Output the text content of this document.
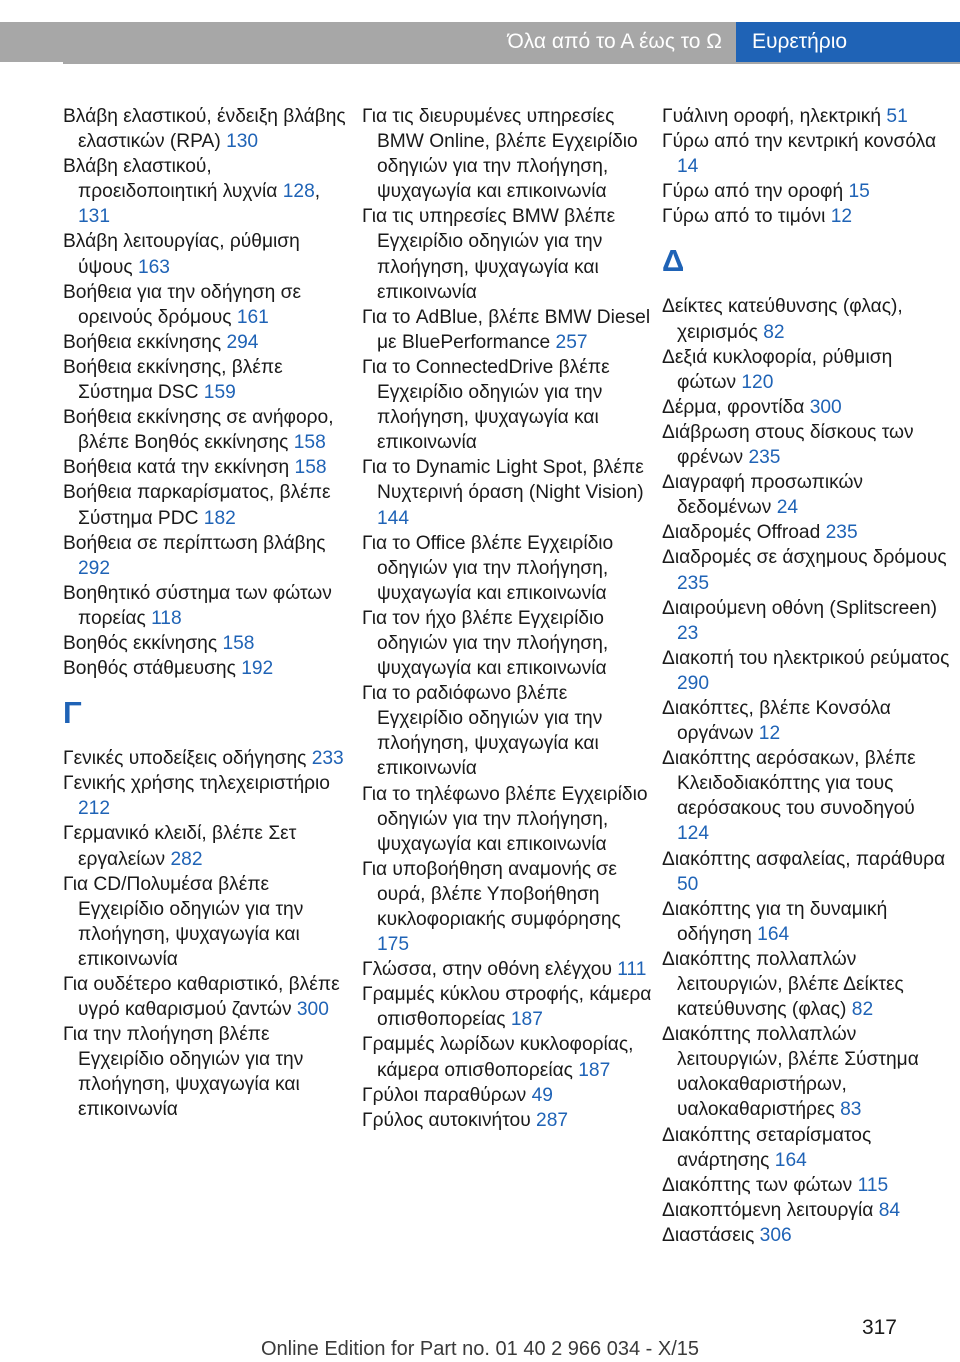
Όλα από το Α έως το Ω	Ευρετήριο
Βλάβη ελαστικού, ένδειξη βλάβης ελαστικών (RPA) 130
Βλάβη ελαστικού, προειδοποιητική λυχνία 128, 131
Βλάβη λειτουργίας, ρύθμιση ύψους 163
Βοήθεια για την οδήγηση σε ορεινούς δρόμους 161
Βοήθεια εκκίνησης 294
Βοήθεια εκκίνησης, βλέπε Σύστημα DSC 159
Βοήθεια εκκίνησης σε ανήφορο, βλέπε Βοηθός εκκίνησης 158
Βοήθεια κατά την εκκίνηση 158
Βοήθεια παρκαρίσματος, βλέπε Σύστημα PDC 182
Βοήθεια σε περίπτωση βλάβης 292
Βοηθητικό σύστημα των φώτων πορείας 118
Βοηθός εκκίνησης 158
Βοηθός στάθμευσης 192
Γ
Γενικές υποδείξεις οδήγησης 233
Γενικής χρήσης τηλεχειριστήριο 212
Γερμανικό κλειδί, βλέπε Σετ εργαλείων 282
Για CD/Πολυμέσα βλέπε Εγχειρίδιο οδηγιών για την πλοήγηση, ψυχαγωγία και επικοινωνία
Για ουδέτερο καθαριστικό, βλέπε υγρό καθαρισμού ζαντών 300
Για την πλοήγηση βλέπε Εγχειρίδιο οδηγιών για την πλοήγηση, ψυχαγωγία και επικοινωνία
Για τις διευρυμένες υπηρεσίες BMW Online, βλέπε Εγχειρίδιο οδηγιών για την πλοήγηση, ψυχαγωγία και επικοινωνία
Για τις υπηρεσίες BMW βλέπε Εγχειρίδιο οδηγιών για την πλοήγηση, ψυχαγωγία και επικοινωνία
Για το AdBlue, βλέπε BMW Diesel με BluePerformance 257
Για το ConnectedDrive βλέπε Εγχειρίδιο οδηγιών για την πλοήγηση, ψυχαγωγία και επικοινωνία
Για το Dynamic Light Spot, βλέπε Νυχτερινή όραση (Night Vision) 144
Για το Office βλέπε Εγχειρίδιο οδηγιών για την πλοήγηση, ψυχαγωγία και επικοινωνία
Για τον ήχο βλέπε Εγχειρίδιο οδηγιών για την πλοήγηση, ψυχαγωγία και επικοινωνία
Για το ραδιόφωνο βλέπε Εγχειρίδιο οδηγιών για την πλοήγηση, ψυχαγωγία και επικοινωνία
Για το τηλέφωνο βλέπε Εγχειρίδιο οδηγιών για την πλοήγηση, ψυχαγωγία και επικοινωνία
Για υποβοήθηση αναμονής σε ουρά, βλέπε Υποβοήθηση κυκλοφοριακής συμφόρησης 175
Γλώσσα, στην οθόνη ελέγχου 111
Γραμμές κύκλου στροφής, κάμερα οπισθοπορείας 187
Γραμμές λωρίδων κυκλοφορίας, κάμερα οπισθοπορείας 187
Γρύλοι παραθύρων 49
Γρύλος αυτοκινήτου 287
Γυάλινη οροφή, ηλεκτρική 51
Γύρω από την κεντρική κονσόλα 14
Γύρω από την οροφή 15
Γύρω από το τιμόνι 12
Δ
Δείκτες κατεύθυνσης (φλας), χειρισμός 82
Δεξιά κυκλοφορία, ρύθμιση φώτων 120
Δέρμα, φροντίδα 300
Διάβρωση στους δίσκους των φρένων 235
Διαγραφή προσωπικών δεδομένων 24
Διαδρομές Offroad 235
Διαδρομές σε άσχημους δρόμους 235
Διαιρούμενη οθόνη (Splitscreen) 23
Διακοπή του ηλεκτρικού ρεύματος 290
Διακόπτες, βλέπε Κονσόλα οργάνων 12
Διακόπτης αερόσακων, βλέπε Κλειδοδιακόπτης για τους αερόσακους του συνοδηγού 124
Διακόπτης ασφαλείας, παράθυρα 50
Διακόπτης για τη δυναμική οδήγηση 164
Διακόπτης πολλαπλών λειτουργιών, βλέπε Δείκτες κατεύθυνσης (φλας) 82
Διακόπτης πολλαπλών λειτουργιών, βλέπε Σύστημα υαλοκαθαριστήρων, υαλοκαθαριστήρες 83
Διακόπτης σεταρίσματος ανάρτησης 164
Διακόπτης των φώτων 115
Διακοπτόμενη λειτουργία 84
Διαστάσεις 306
317
Online Edition for Part no. 01 40 2 966 034 - X/15
